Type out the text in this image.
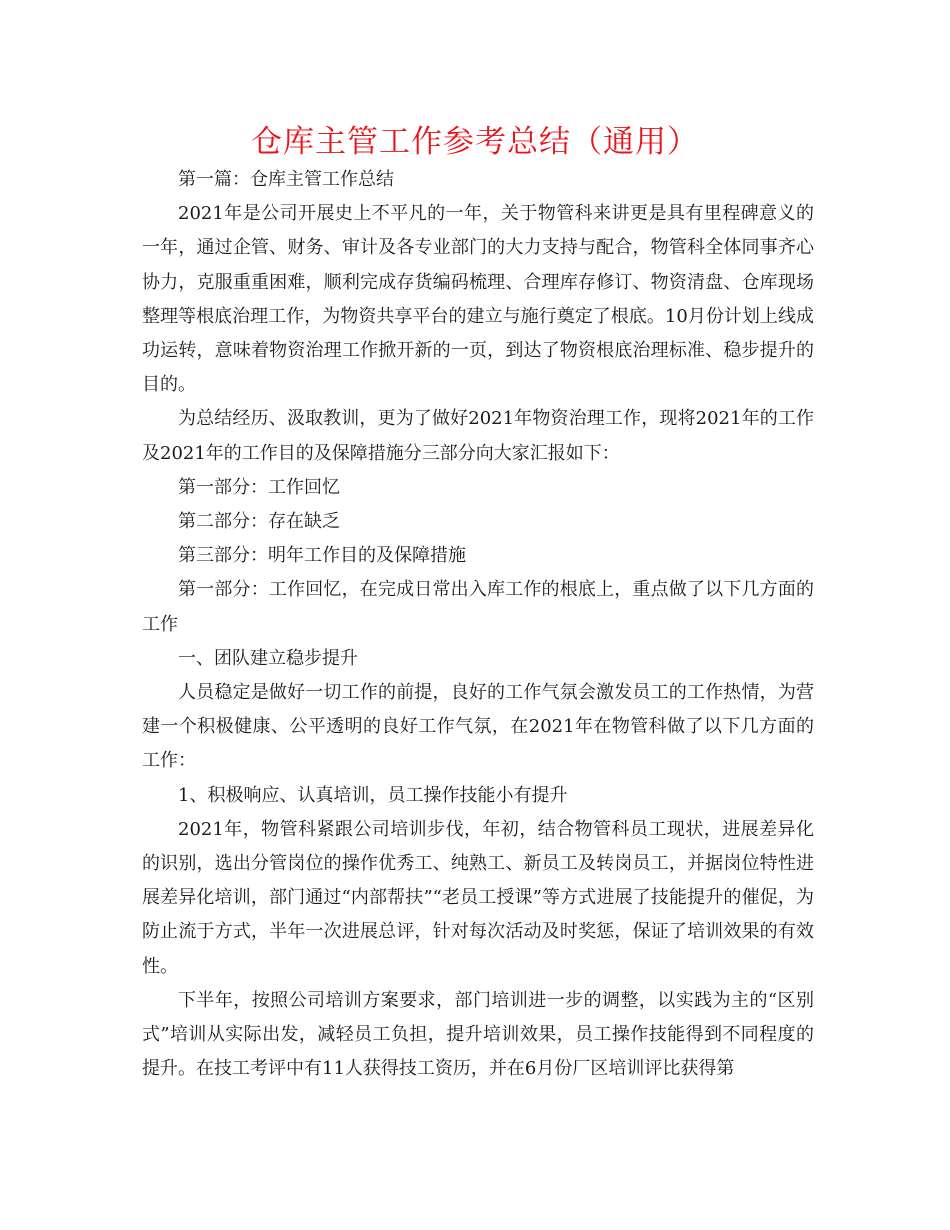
仓库主管工作参考总结（通用）

第一篇：仓库主管工作总结

2021年是公司开展史上不平凡的一年，关于物管科来讲更是具有里程碑意义的一年，通过企管、财务、审计及各专业部门的大力支持与配合，物管科全体同事齐心协力，克服重重困难，顺利完成存货编码梳理、合理库存修订、物资清盘、仓库现场整理等根底治理工作，为物资共享平台的建立与施行奠定了根底。10月份计划上线成功运转，意味着物资治理工作掀开新的一页，到达了物资根底治理标准、稳步提升的目的。

为总结经历、汲取教训，更为了做好2021年物资治理工作，现将2021年的工作及2021年的工作目的及保障措施分三部分向大家汇报如下：

第一部分：工作回忆

第二部分：存在缺乏

第三部分：明年工作目的及保障措施

第一部分：工作回忆，在完成日常出入库工作的根底上，重点做了以下几方面的工作

一、团队建立稳步提升

人员稳定是做好一切工作的前提，良好的工作气氛会激发员工的工作热情，为营建一个积极健康、公平透明的良好工作气氛，在2021年在物管科做了以下几方面的工作：

1、积极响应、认真培训，员工操作技能小有提升

2021年，物管科紧跟公司培训步伐，年初，结合物管科员工现状，进展差异化的识别，选出分管岗位的操作优秀工、纯熟工、新员工及转岗员工，并据岗位特性进展差异化培训，部门通过“内部帮扶”“老员工授课”等方式进展了技能提升的催促，为防止流于方式，半年一次进展总评，针对每次活动及时奖惩，保证了培训效果的有效性。

下半年，按照公司培训方案要求，部门培训进一步的调整，以实践为主的“区别式”培训从实际出发，减轻员工负担，提升培训效果，员工操作技能得到不同程度的提升。在技工考评中有11人获得技工资历，并在6月份厂区培训评比获得第
